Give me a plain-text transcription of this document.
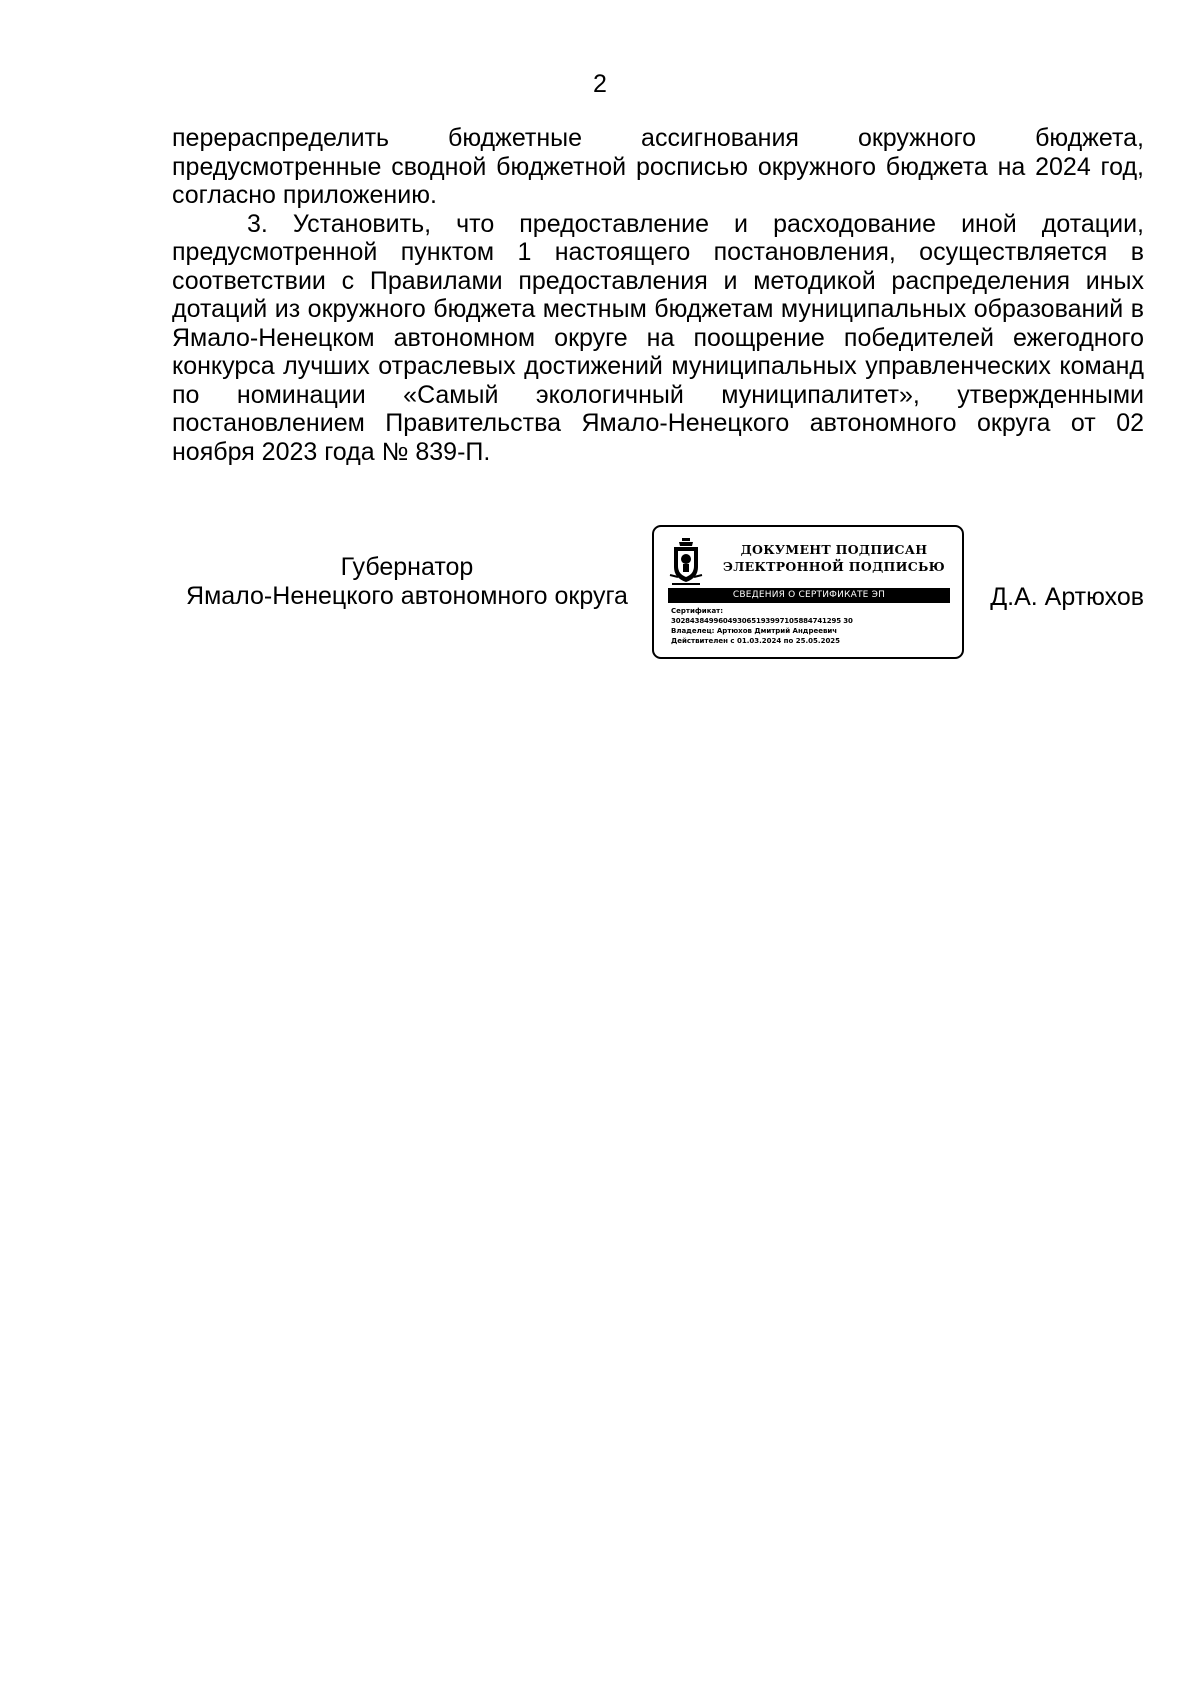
2

перераспределить бюджетные ассигнования окружного бюджета, предусмотренные сводной бюджетной росписью окружного бюджета на 2024 год, согласно приложению.

3. Установить, что предоставление и расходование иной дотации, предусмотренной пунктом 1 настоящего постановления, осуществляется в соответствии с Правилами предоставления и методикой распределения иных дотаций из окружного бюджета местным бюджетам муниципальных образований в Ямало-Ненецком автономном округе на поощрение победителей ежегодного конкурса лучших отраслевых достижений муниципальных управленческих команд по номинации «Самый экологичный муниципалитет», утвержденными постановлением Правительства Ямало-Ненецкого автономного округа от 02 ноября 2023 года № 839-П.

Губернатор
Ямало-Ненецкого автономного округа
ДОКУМЕНТ ПОДПИСАН
ЭЛЕКТРОННОЙ ПОДПИСЬЮ
СВЕДЕНИЯ О СЕРТИФИКАТЕ ЭП
Сертификат:
302843849960493065193997105884741295 30
Владелец: Артюхов Дмитрий Андреевич
Действителен с 01.03.2024 по 25.05.2025
Д.А. Артюхов
